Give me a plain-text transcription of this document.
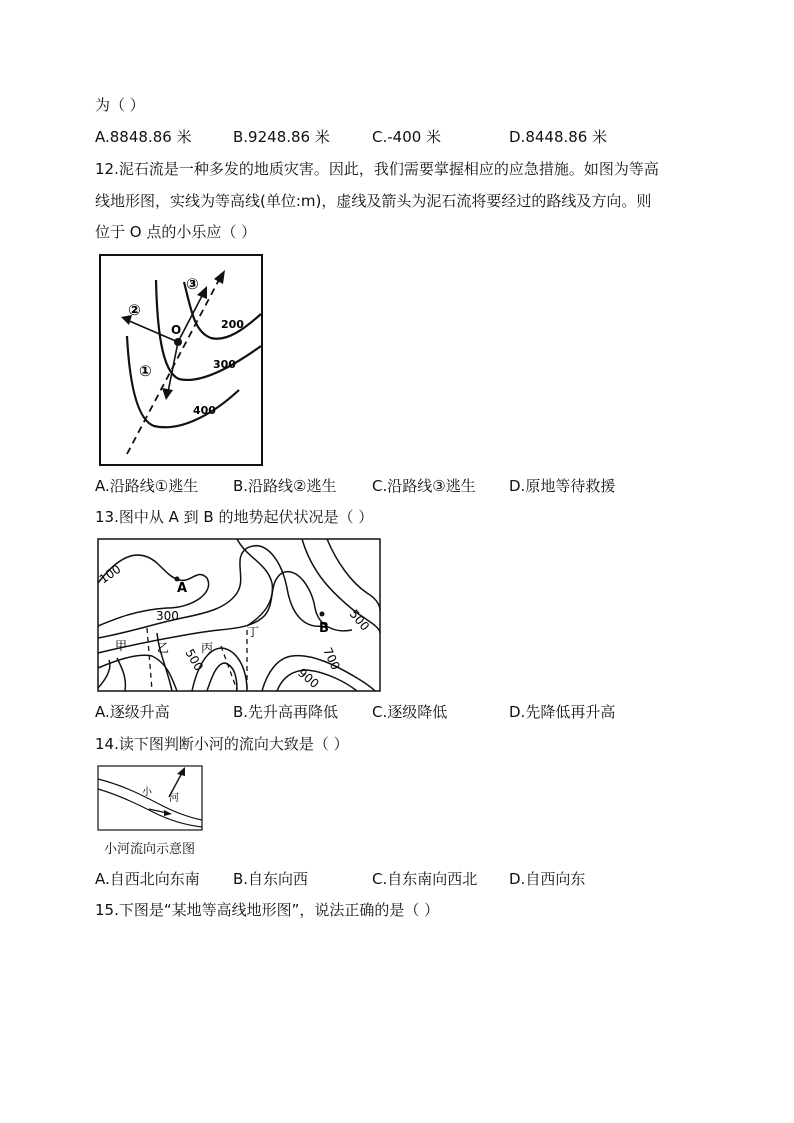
为（ ）
A.8848.86 米	B.9248.86 米	C.-400 米	D.8448.86 米
12.泥石流是一种多发的地质灾害。因此，我们需要掌握相应的应急措施。如图为等高
线地形图，实线为等高线(单位:m)，虚线及箭头为泥石流将要经过的路线及方向。则
位于 O 点的小乐应（ ）
O	200
300
400
①
②
③
A.沿路线①逃生 B.沿路线②逃生 C.沿路线③逃生 D.原地等待救援
13.图中从 A 到 B 的地势起伏状况是（ ）
A
B
100
300
500
500
700
900
甲 乙	丙
丁
A.逐级升高	B.先升高再降低 C.逐级降低	D.先降低再升高
14.读下图判断小河的流向大致是（ ）
小
河
小河流向示意图
A.自西北向东南 B.自东向西	C.自东南向西北 D.自西向东
15.下图是“某地等高线地形图”，说法正确的是（ ）
